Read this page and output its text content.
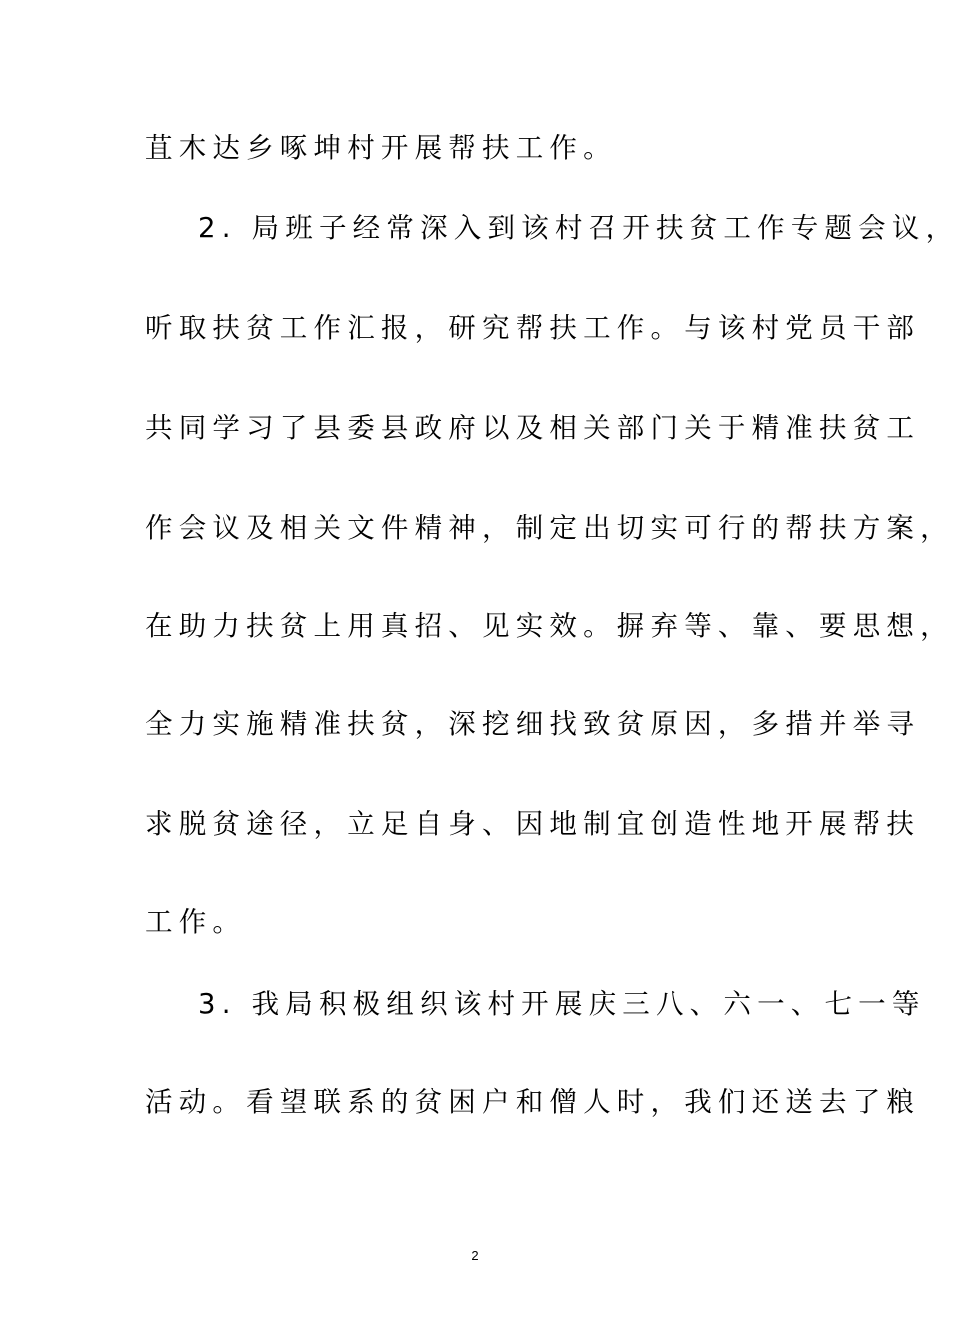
苴木达乡啄坤村开展帮扶工作。
2. 局班子经常深入到该村召开扶贫工作专题会议，
听取扶贫工作汇报，研究帮扶工作。与该村党员干部
共同学习了县委县政府以及相关部门关于精准扶贫工
作会议及相关文件精神，制定出切实可行的帮扶方案，
在助力扶贫上用真招、见实效。摒弃等、靠、要思想，
全力实施精准扶贫，深挖细找致贫原因，多措并举寻
求脱贫途径，立足自身、因地制宜创造性地开展帮扶
工作。
3. 我局积极组织该村开展庆三八、六一、七一等
活动。看望联系的贫困户和僧人时，我们还送去了粮
2
